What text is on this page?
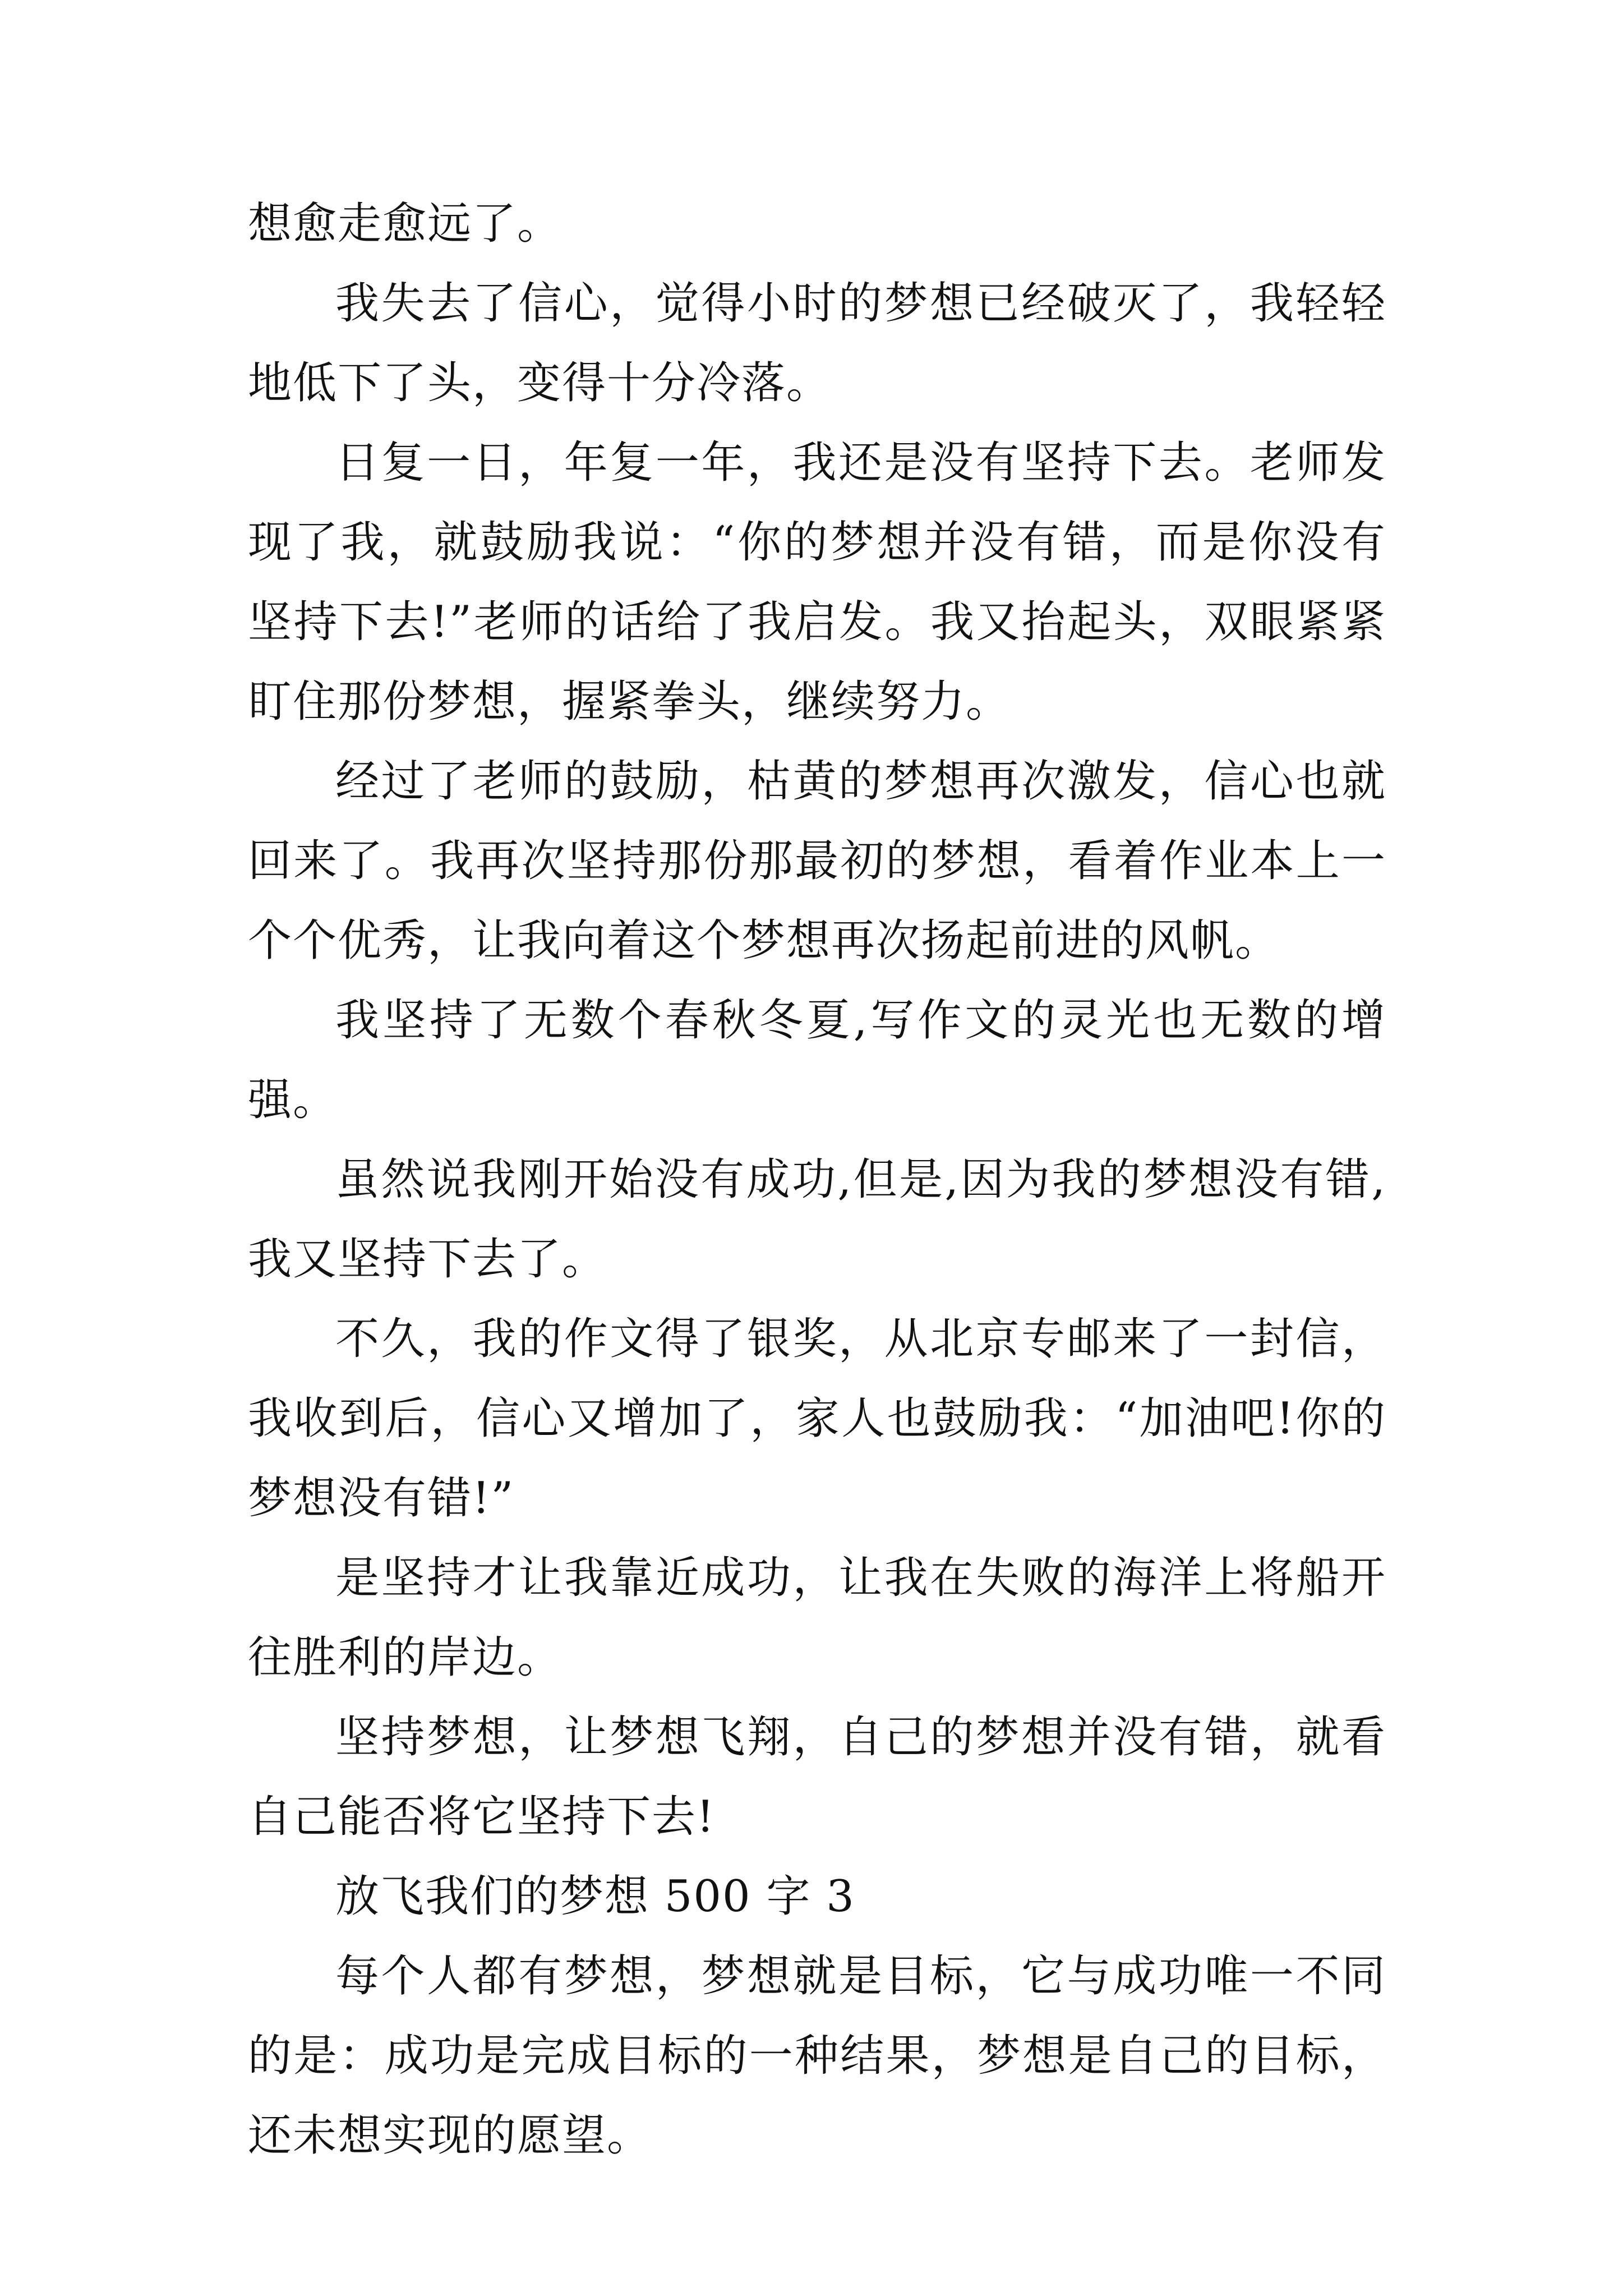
想愈走愈远了。

我失去了信心，觉得小时的梦想已经破灭了，我轻轻地低下了头，变得十分冷落。

日复一日，年复一年，我还是没有坚持下去。老师发现了我，就鼓励我说：“你的梦想并没有错，而是你没有坚持下去!”老师的话给了我启发。我又抬起头，双眼紧紧盯住那份梦想，握紧拳头，继续努力。

经过了老师的鼓励，枯黄的梦想再次激发，信心也就回来了。我再次坚持那份那最初的梦想，看着作业本上一个个优秀，让我向着这个梦想再次扬起前进的风帆。

我坚持了无数个春秋冬夏,写作文的灵光也无数的增强。

虽然说我刚开始没有成功,但是,因为我的梦想没有错,我又坚持下去了。

不久，我的作文得了银奖，从北京专邮来了一封信，我收到后，信心又增加了，家人也鼓励我：“加油吧!你的梦想没有错!”

是坚持才让我靠近成功，让我在失败的海洋上将船开往胜利的岸边。

坚持梦想，让梦想飞翔，自己的梦想并没有错，就看自己能否将它坚持下去!

放飞我们的梦想 500 字 3

每个人都有梦想，梦想就是目标，它与成功唯一不同的是：成功是完成目标的一种结果，梦想是自己的目标，还未想实现的愿望。
